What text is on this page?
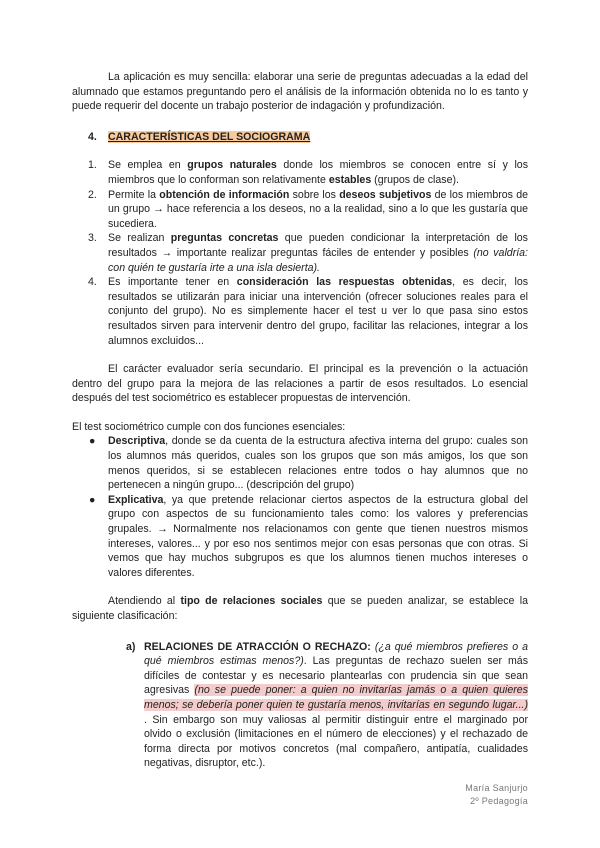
La aplicación es muy sencilla: elaborar una serie de preguntas adecuadas a la edad del alumnado que estamos preguntando pero el análisis de la información obtenida no lo es tanto y puede requerir del docente un trabajo posterior de indagación y profundización.

4. CARACTERÍSTICAS DEL SOCIOGRAMA
1. Se emplea en grupos naturales donde los miembros se conocen entre sí y los miembros que lo conforman son relativamente estables (grupos de clase).
2. Permite la obtención de información sobre los deseos subjetivos de los miembros de un grupo → hace referencia a los deseos, no a la realidad, sino a lo que les gustaría que sucediera.
3. Se realizan preguntas concretas que pueden condicionar la interpretación de los resultados → importante realizar preguntas fáciles de entender y posibles (no valdría: con quién te gustaría irte a una isla desierta).
4. Es importante tener en consideración las respuestas obtenidas, es decir, los resultados se utilizarán para iniciar una intervención (ofrecer soluciones reales para el conjunto del grupo). No es simplemente hacer el test u ver lo que pasa sino estos resultados sirven para intervenir dentro del grupo, facilitar las relaciones, integrar a los alumnos excluidos...

El carácter evaluador sería secundario. El principal es la prevención o la actuación dentro del grupo para la mejora de las relaciones a partir de esos resultados. Lo esencial después del test sociométrico es establecer propuestas de intervención.

El test sociométrico cumple con dos funciones esenciales:

● Descriptiva, donde se da cuenta de la estructura afectiva interna del grupo: cuales son los alumnos más queridos, cuales son los grupos que son más amigos, los que son menos queridos, si se establecen relaciones entre todos o hay alumnos que no pertenecen a ningún grupo... (descripción del grupo)
● Explicativa, ya que pretende relacionar ciertos aspectos de la estructura global del grupo con aspectos de su funcionamiento tales como: los valores y preferencias grupales. → Normalmente nos relacionamos con gente que tienen nuestros mismos intereses, valores... y por eso nos sentimos mejor con esas personas que con otras. Si vemos que hay muchos subgrupos es que los alumnos tienen muchos intereses o valores diferentes.

Atendiendo al tipo de relaciones sociales que se pueden analizar, se establece la siguiente clasificación:

a) RELACIONES DE ATRACCIÓN O RECHAZO: (¿a qué miembros prefieres o a qué miembros estimas menos?). Las preguntas de rechazo suelen ser más difíciles de contestar y es necesario plantearlas con prudencia sin que sean agresivas (no se puede poner: a quien no invitarías jamás o a quien quieres menos; se debería poner quien te gustaría menos, invitarías en segundo lugar...) . Sin embargo son muy valiosas al permitir distinguir entre el marginado por olvido o exclusión (limitaciones en el número de elecciones) y el rechazado de forma directa por motivos concretos (mal compañero, antipatía, cualidades negativas, disruptor, etc.).
María Sanjurjo
2º Pedagogía
